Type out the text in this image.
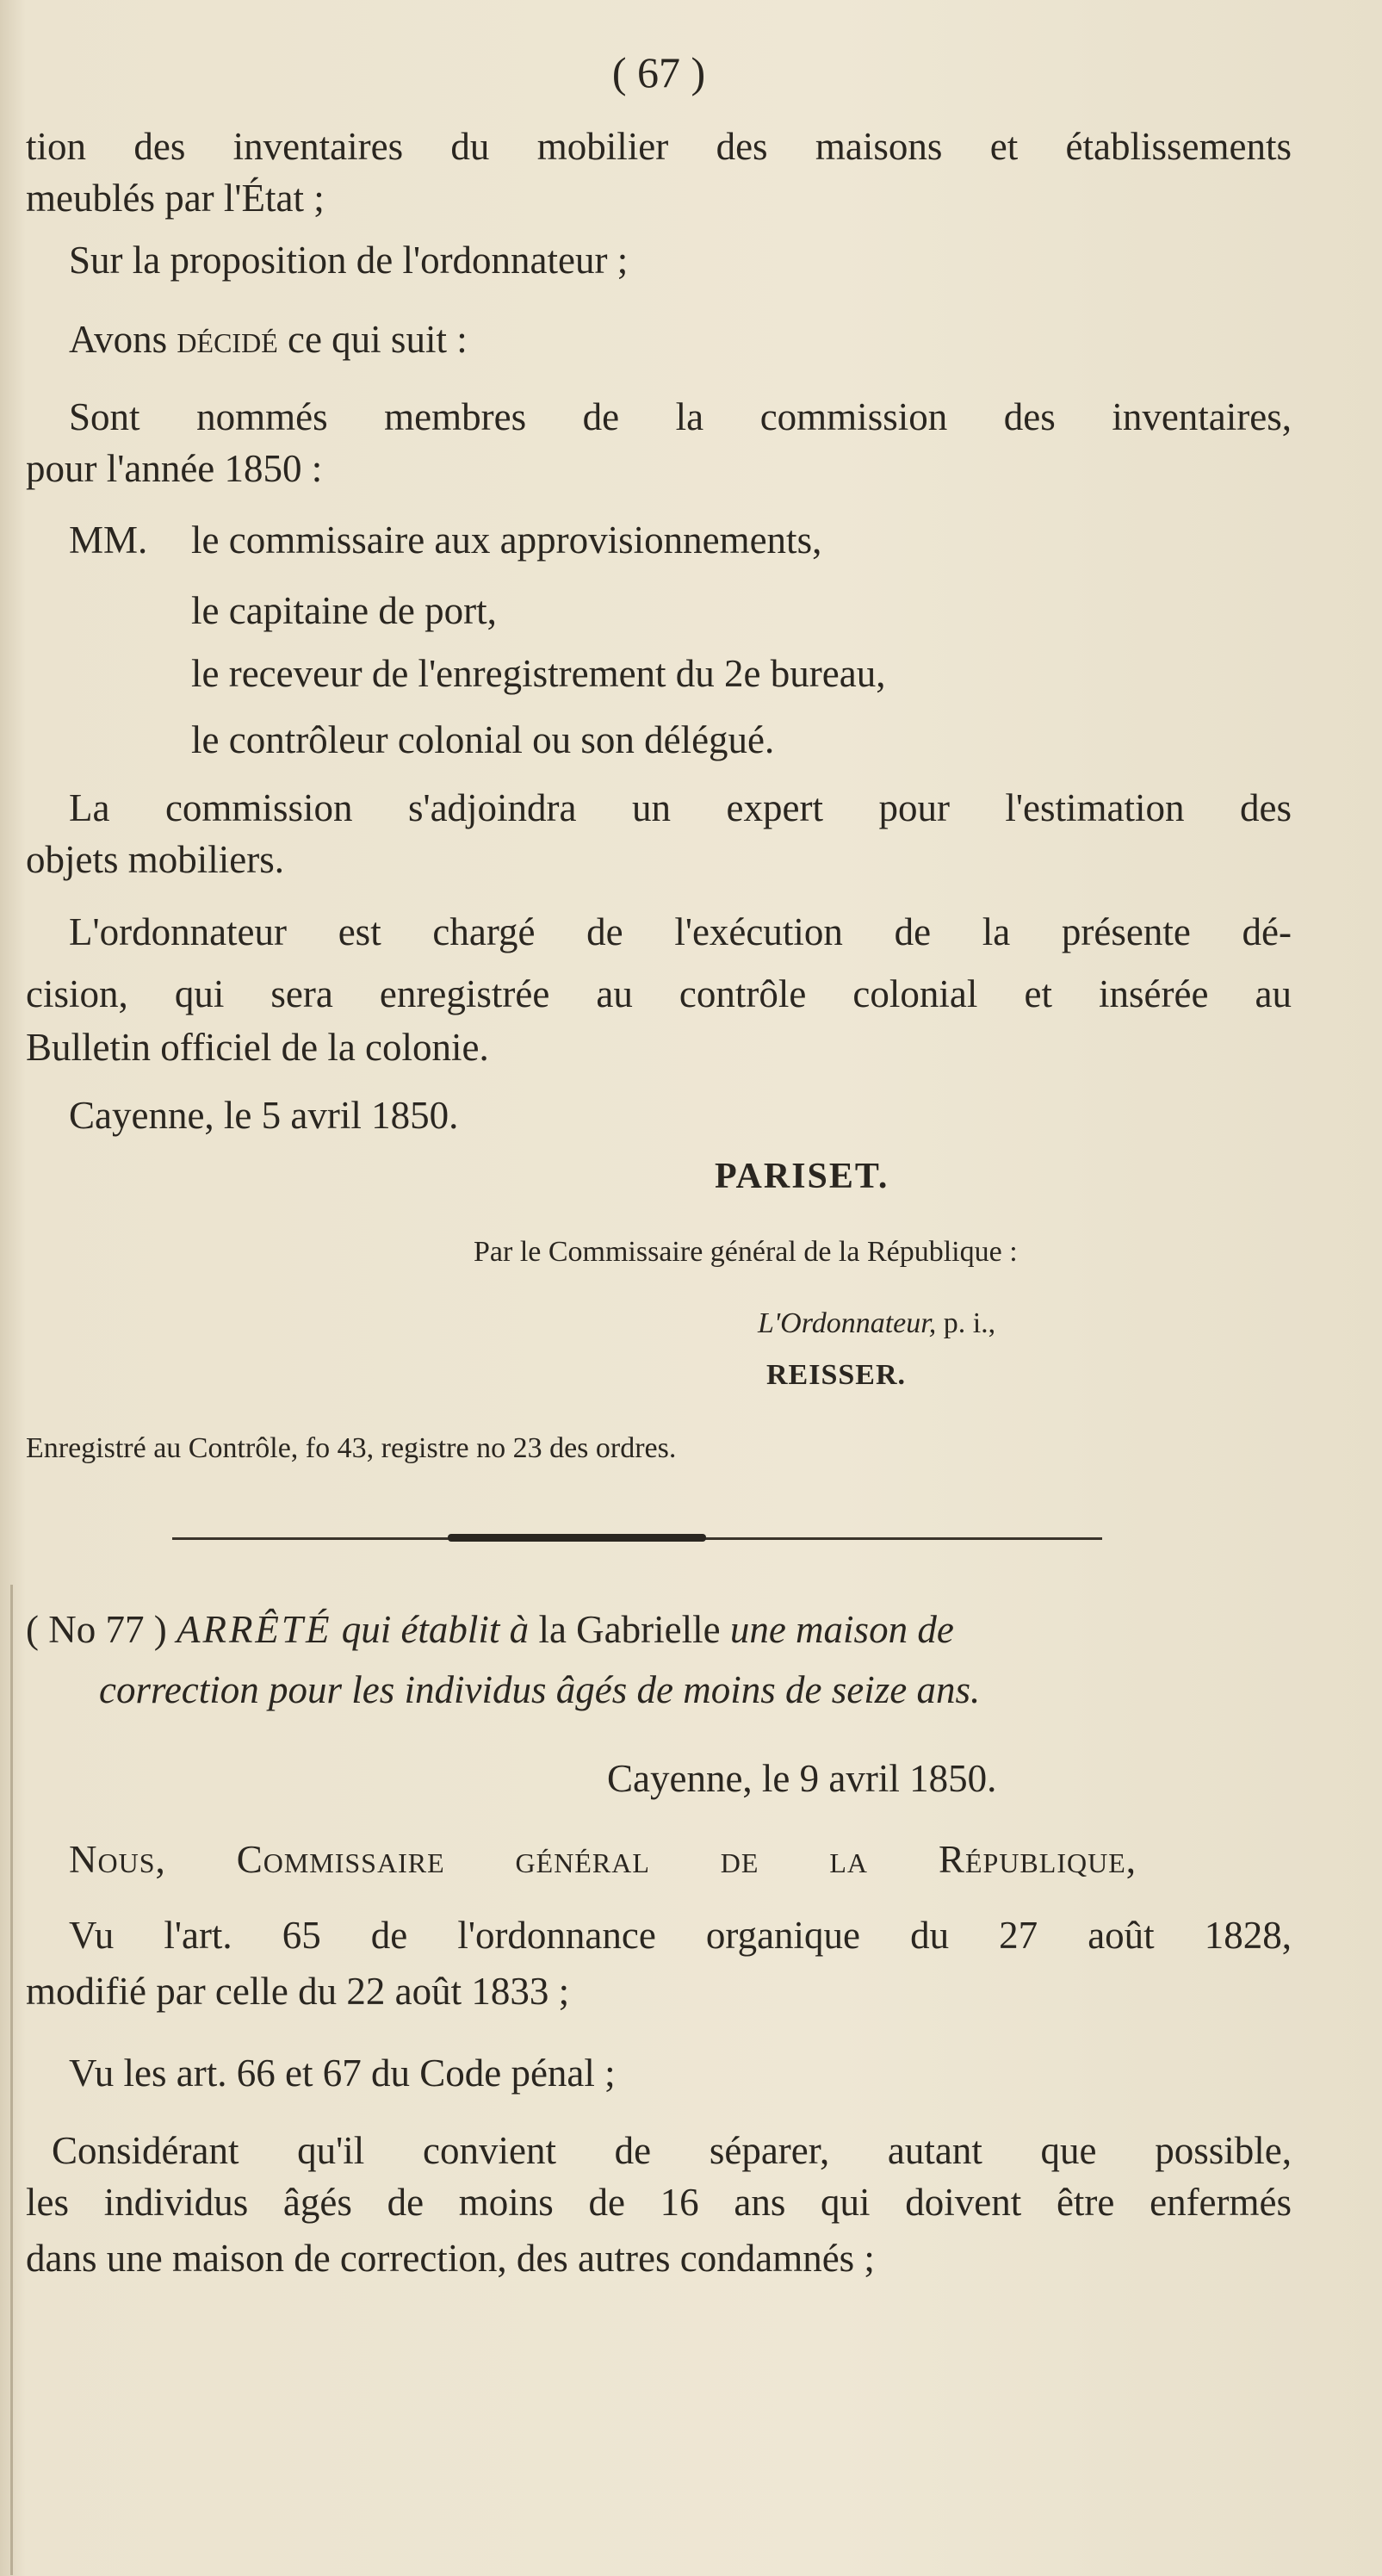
( 67 )
tion des inventaires du mobilier des maisons et établissements
meublés par l'État ;
Sur la proposition de l'ordonnateur ;
Avons décidé ce qui suit :
Sont nommés membres de la commission des inventaires,
pour l'année 1850 :
MM. le commissaire aux approvisionnements,
le capitaine de port,
le receveur de l'enregistrement du 2e bureau,
le contrôleur colonial ou son délégué.
La commission s'adjoindra un expert pour l'estimation des
objets mobiliers.
L'ordonnateur est chargé de l'exécution de la présente dé-
cision, qui sera enregistrée au contrôle colonial et insérée au
Bulletin officiel de la colonie.
Cayenne, le 5 avril 1850.
PARISET.
Par le Commissaire général de la République :
L'Ordonnateur, p. i.,
REISSER.
Enregistré au Contrôle, fo 43, registre no 23 des ordres.
( No 77 ) ARRÊTÉ qui établit à la Gabrielle une maison de
correction pour les individus âgés de moins de seize ans.
Cayenne, le 9 avril 1850.
Nous, Commissaire général de la République,
Vu l'art. 65 de l'ordonnance organique du 27 août 1828,
modifié par celle du 22 août 1833 ;
Vu les art. 66 et 67 du Code pénal ;
Considérant qu'il convient de séparer, autant que possible,
les individus âgés de moins de 16 ans qui doivent être enfermés
dans une maison de correction, des autres condamnés ;
